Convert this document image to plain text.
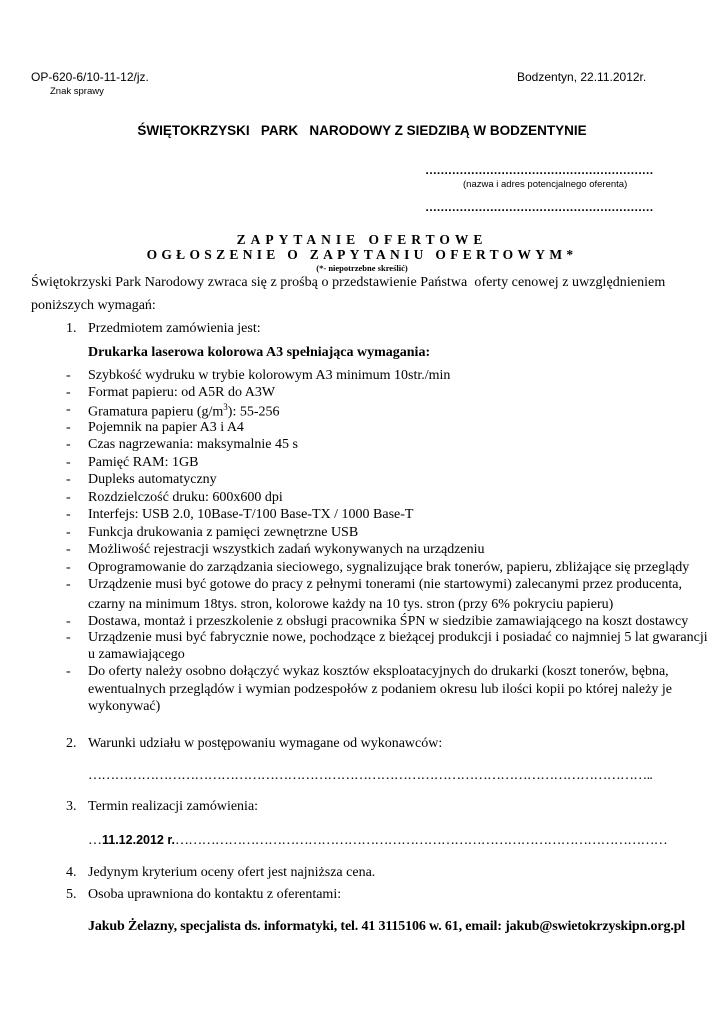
OP-620-6/10-11-12/jz.
Znak sprawy
Bodzentyn, 22.11.2012r.
ŚWIĘTOKRZYSKI   PARK   NARODOWY Z SIEDZIBĄ W BODZENTYNIE
……………………………………………………
(nazwa i adres potencjalnego oferenta)
……………………………………………………
ZAPYTANIE OFERTOWE
OGŁOSZENIE O ZAPYTANIU OFERTOWYM*
(*- niepotrzebne skreślić)
Świętokrzyski Park Narodowy zwraca się z prośbą o przedstawienie Państwa  oferty cenowej z uwzględnieniem
poniższych wymagań:
1. Przedmiotem zamówienia jest:
Drukarka laserowa kolorowa A3 spełniająca wymagania:
- Szybkość wydruku w trybie kolorowym A3 minimum 10str./min
- Format papieru: od A5R do A3W
- Gramatura papieru $(g/m^3)$: 55-256
- Pojemnik na papier A3 i A4
- Czas nagrzewania: maksymalnie 45 s
- Pamięć RAM: 1GB
- Dupleks automatyczny
- Rozdzielczość druku: 600x600 dpi
- Interfejs: USB 2.0, 10Base-T/100 Base-TX / 1000 Base-T
- Funkcja drukowania z pamięci zewnętrzne USB
- Możliwość rejestracji wszystkich zadań wykonywanych na urządzeniu
- Oprogramowanie do zarządzania sieciowego, sygnalizujące brak tonerów, papieru, zbliżające się przeglądy
- Urządzenie musi być gotowe do pracy z pełnymi tonerami (nie startowymi) zalecanymi przez producenta,
czarny na minimum 18tys. stron, kolorowe każdy na 10 tys. stron (przy 6% pokryciu papieru)
- Dostawa, montaż i przeszkolenie z obsługi pracownika ŚPN w siedzibie zamawiającego na koszt dostawcy
- Urządzenie musi być fabrycznie nowe, pochodzące z bieżącej produkcji i posiadać co najmniej 5 lat gwarancji
u zamawiającego
- Do oferty należy osobno dołączyć wykaz kosztów eksploatacyjnych do drukarki (koszt tonerów, bębna,
ewentualnych przeglądów i wymian podzespołów z podaniem okresu lub ilości kopii po której należy je
wykonywać)
2. Warunki udziału w postępowaniu wymagane od wykonawców:
………………………………………………………………………………………………………………..
3. Termin realizacji zamówienia:
…11.12.2012 r.…………………………………………………………………………………………………
4. Jedynym kryterium oceny ofert jest najniższa cena.
5. Osoba uprawniona do kontaktu z oferentami:
Jakub Żelazny, specjalista ds. informatyki, tel. 41 3115106 w. 61, email: jakub@swietokrzyskipn.org.pl
